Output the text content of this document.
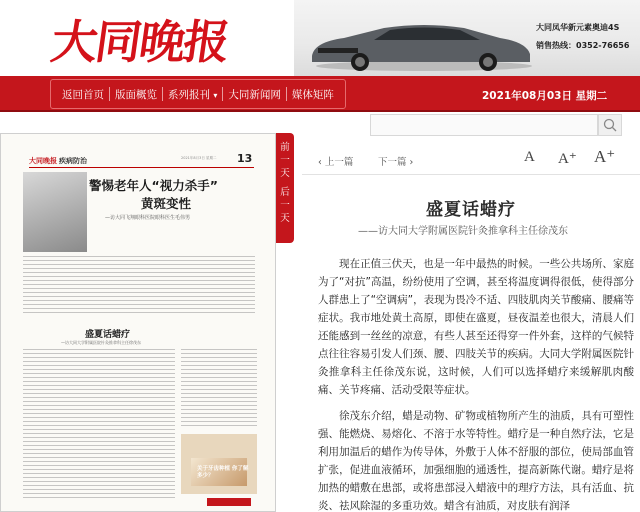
大同晚报	大同凤华新元素奥迪4S
销售热线：0352-76656
返回首页	版面概览	系列报刊 ▾	大同新闻网	媒体矩阵	2021年08月03日 星期二
大同晚报 疾病防治	2021年8月3日 星期二 13
警惕老年人“视力杀手”
黄斑变性
—访大同飞翔眼科医院眼科医生毛伟男
盛夏话蜡疗
—访大同大学附属医院针灸推拿科主任徐茂东
关于牙齿种植 你了解多少？
前
一
天
后
一
天
‹ 上一篇	下一篇 ›	A A⁺ A⁺
盛夏话蜡疗
——访大同大学附属医院针灸推拿科主任徐茂东

现在正值三伏天，也是一年中最热的时候。一些公共场所、家庭为了“对抗”高温，纷纷使用了空调，甚至将温度调得很低，使得部分人群患上了“空调病”，表现为畏冷不适、四肢肌肉关节酸痛、腰痛等症状。我市地处黄土高原，即使在盛夏，昼夜温差也很大，清晨人们还能感到一丝丝的凉意，有些人甚至还得穿一件外套，这样的气候特点往往容易引发人们颈、腰、四肢关节的疾病。大同大学附属医院针灸推拿科主任徐茂东说，这时候，人们可以选择蜡疗来缓解肌肉酸痛、关节疼痛、活动受限等症状。

徐茂东介绍，蜡是动物、矿物或植物所产生的油质，具有可塑性强、能燃烧、易熔化、不溶于水等特性。蜡疗是一种自然疗法，它是利用加温后的蜡作为传导体，外敷于人体不舒服的部位，使局部血管扩张，促进血液循环，加强细胞的通透性，提高新陈代谢。蜡疗是将加热的蜡敷在患部，或将患部浸入蜡液中的理疗方法，具有活血、抗炎、祛风除湿的多重功效。蜡含有油质，对皮肤有润泽
